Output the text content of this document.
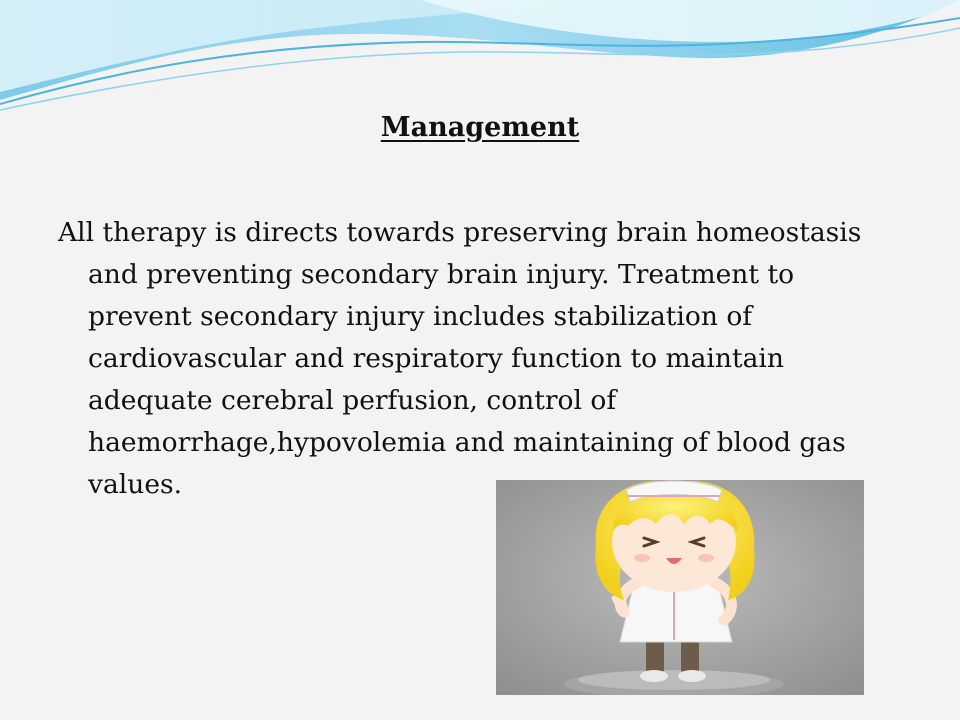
Management
All therapy is directs towards preserving brain homeostasis and preventing secondary brain injury. Treatment to prevent secondary injury includes stabilization of cardiovascular and respiratory function to maintain adequate cerebral perfusion, control of haemorrhage,hypovolemia and maintaining of blood gas values.
